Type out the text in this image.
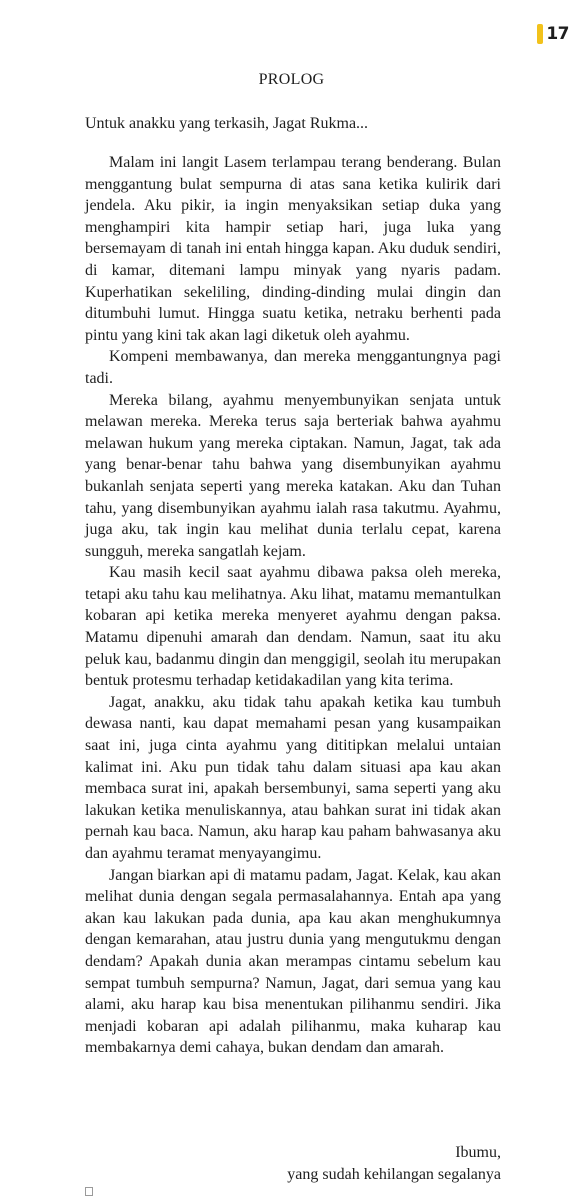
17
PROLOG
Untuk anakku yang terkasih, Jagat Rukma...

Malam ini langit Lasem terlampau terang benderang. Bulan menggantung bulat sempurna di atas sana ketika kulirik dari jendela. Aku pikir, ia ingin menyaksikan setiap duka yang menghampiri kita hampir setiap hari, juga luka yang bersemayam di tanah ini entah hingga kapan. Aku duduk sendiri, di kamar, ditemani lampu minyak yang nyaris padam. Kuperhatikan sekeliling, dinding-dinding mulai dingin dan ditumbuhi lumut. Hingga suatu ketika, netraku berhenti pada pintu yang kini tak akan lagi diketuk oleh ayahmu.

Kompeni membawanya, dan mereka menggantungnya pagi tadi.

Mereka bilang, ayahmu menyembunyikan senjata untuk melawan mereka. Mereka terus saja berteriak bahwa ayahmu melawan hukum yang mereka ciptakan. Namun, Jagat, tak ada yang benar-benar tahu bahwa yang disembunyikan ayahmu bukanlah senjata seperti yang mereka katakan. Aku dan Tuhan tahu, yang disembunyikan ayahmu ialah rasa takutmu. Ayahmu, juga aku, tak ingin kau melihat dunia terlalu cepat, karena sungguh, mereka sangatlah kejam.

Kau masih kecil saat ayahmu dibawa paksa oleh mereka, tetapi aku tahu kau melihatnya. Aku lihat, matamu memantulkan kobaran api ketika mereka menyeret ayahmu dengan paksa. Matamu dipenuhi amarah dan dendam. Namun, saat itu aku peluk kau, badanmu dingin dan menggigil, seolah itu merupakan bentuk protesmu terhadap ketidakadilan yang kita terima.

Jagat, anakku, aku tidak tahu apakah ketika kau tumbuh dewasa nanti, kau dapat memahami pesan yang kusampaikan saat ini, juga cinta ayahmu yang dititipkan melalui untaian kalimat ini. Aku pun tidak tahu dalam situasi apa kau akan membaca surat ini, apakah bersembunyi, sama seperti yang aku lakukan ketika menuliskannya, atau bahkan surat ini tidak akan pernah kau baca. Namun, aku harap kau paham bahwasanya aku dan ayahmu teramat menyayangimu.

Jangan biarkan api di matamu padam, Jagat. Kelak, kau akan melihat dunia dengan segala permasalahannya. Entah apa yang akan kau lakukan pada dunia, apa kau akan menghukumnya dengan kemarahan, atau justru dunia yang mengutukmu dengan dendam? Apakah dunia akan merampas cintamu sebelum kau sempat tumbuh sempurna? Namun, Jagat, dari semua yang kau alami, aku harap kau bisa menentukan pilihanmu sendiri. Jika menjadi kobaran api adalah pilihanmu, maka kuharap kau membakarnya demi cahaya, bukan dendam dan amarah.

Ibumu,
yang sudah kehilangan segalanya
